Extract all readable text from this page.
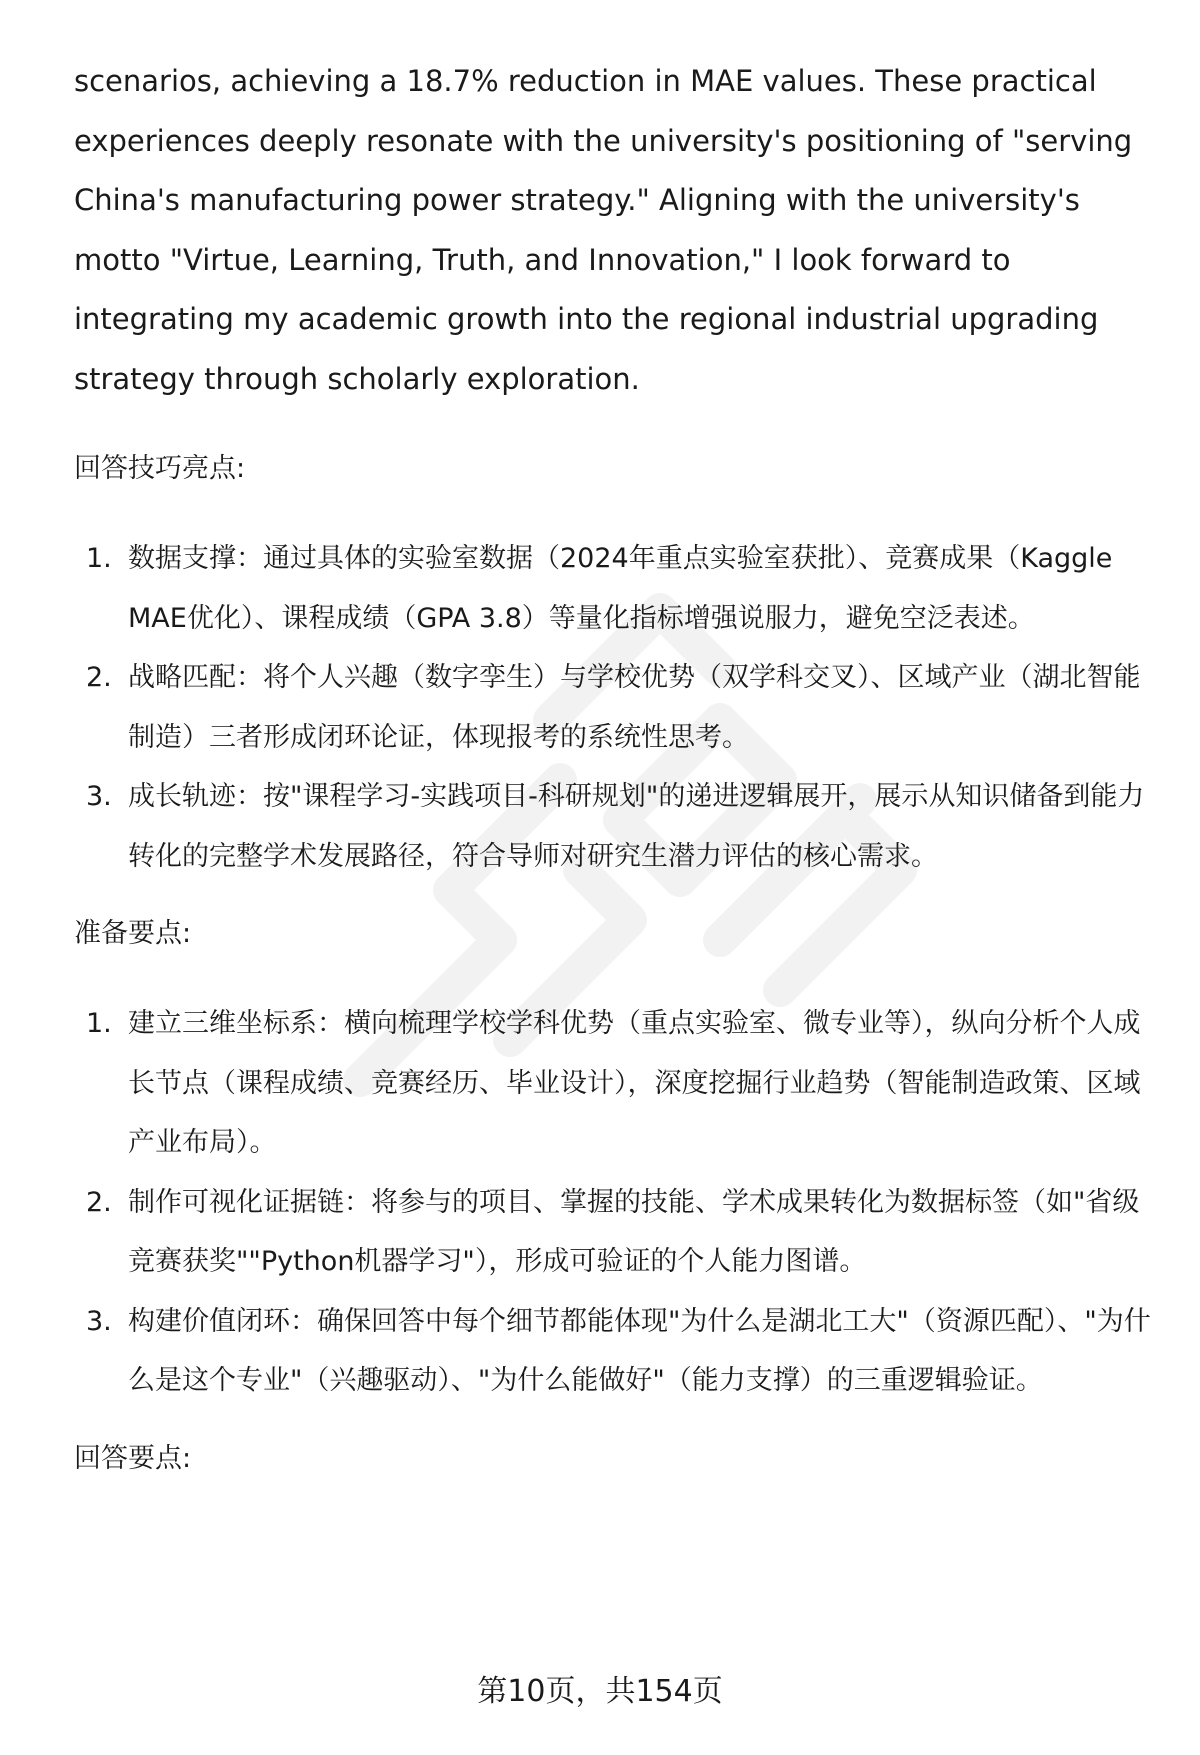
scenarios, achieving a 18.7% reduction in MAE values. These practical experiences deeply resonate with the university's positioning of "serving China's manufacturing power strategy." Aligning with the university's motto "Virtue, Learning, Truth, and Innovation," I look forward to integrating my academic growth into the regional industrial upgrading strategy through scholarly exploration.

回答技巧亮点:

1. 数据支撑：通过具体的实验室数据（2024年重点实验室获批）、竞赛成果（Kaggle MAE优化）、课程成绩（GPA 3.8）等量化指标增强说服力，避免空泛表述。
2. 战略匹配：将个人兴趣（数字孪生）与学校优势（双学科交叉）、区域产业（湖北智能制造）三者形成闭环论证，体现报考的系统性思考。
3. 成长轨迹：按"课程学习-实践项目-科研规划"的递进逻辑展开，展示从知识储备到能力转化的完整学术发展路径，符合导师对研究生潜力评估的核心需求。

准备要点:

1. 建立三维坐标系：横向梳理学校学科优势（重点实验室、微专业等），纵向分析个人成长节点（课程成绩、竞赛经历、毕业设计），深度挖掘行业趋势（智能制造政策、区域产业布局）。
2. 制作可视化证据链：将参与的项目、掌握的技能、学术成果转化为数据标签（如"省级竞赛获奖""Python机器学习"），形成可验证的个人能力图谱。
3. 构建价值闭环：确保回答中每个细节都能体现"为什么是湖北工大"（资源匹配）、"为什么是这个专业"（兴趣驱动）、"为什么能做好"（能力支撑）的三重逻辑验证。

回答要点:

第10页，共154页
